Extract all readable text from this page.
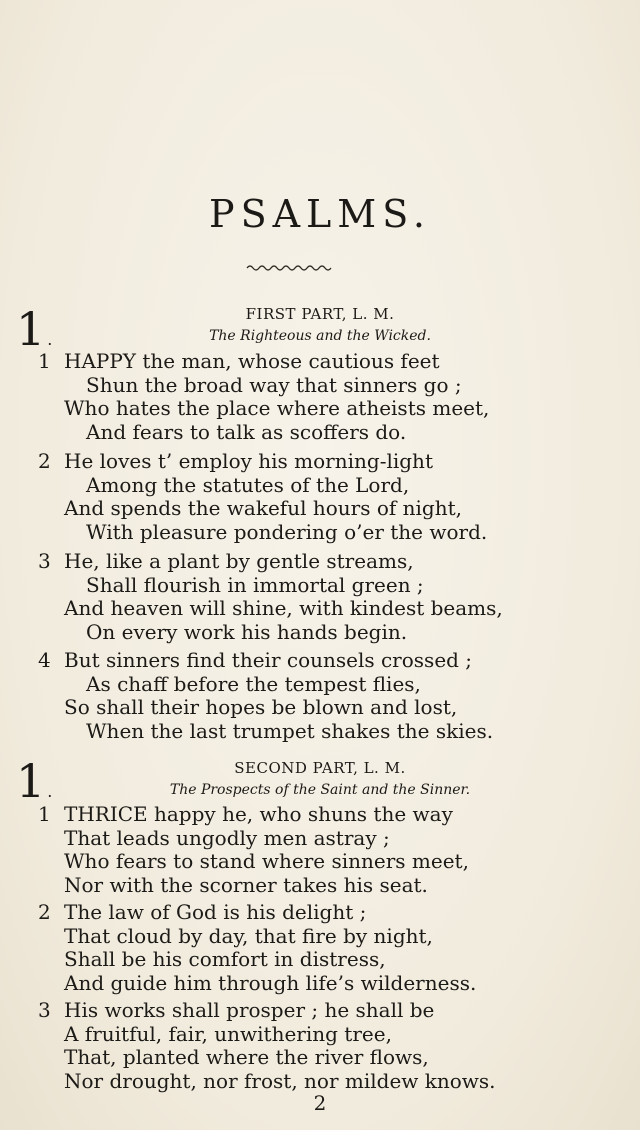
PSALMS.
1 .
FIRST PART, L. M.
The Righteous and the Wicked.
1 HAPPY the man, whose cautious feet
Shun the broad way that sinners go ;
Who hates the place where atheists meet,
And fears to talk as scoffers do.
2 He loves t’ employ his morning-light
Among the statutes of the Lord,
And spends the wakeful hours of night,
With pleasure pondering o’er the word.
3 He, like a plant by gentle streams,
Shall flourish in immortal green ;
And heaven will shine, with kindest beams,
On every work his hands begin.
4 But sinners find their counsels crossed ;
As chaff before the tempest flies,
So shall their hopes be blown and lost,
When the last trumpet shakes the skies.
1 .
SECOND PART, L. M.
The Prospects of the Saint and the Sinner.
1 THRICE happy he, who shuns the way
That leads ungodly men astray ;
Who fears to stand where sinners meet,
Nor with the scorner takes his seat.
2 The law of God is his delight ;
That cloud by day, that fire by night,
Shall be his comfort in distress,
And guide him through life’s wilderness.
3 His works shall prosper ; he shall be
A fruitful, fair, unwithering tree,
That, planted where the river flows,
Nor drought, nor frost, nor mildew knows.
2
